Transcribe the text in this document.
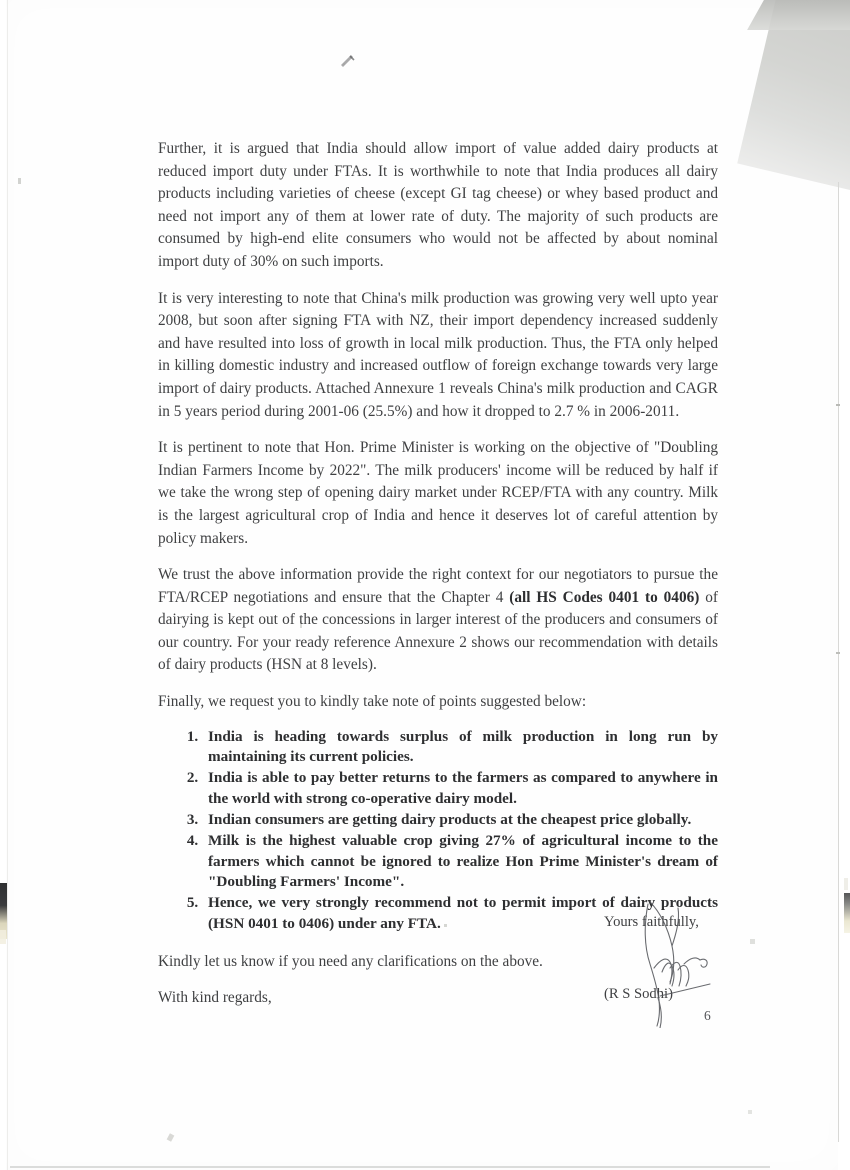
Further, it is argued that India should allow import of value added dairy products at reduced import duty under FTAs. It is worthwhile to note that India produces all dairy products including varieties of cheese (except GI tag cheese) or whey based product and need not import any of them at lower rate of duty. The majority of such products are consumed by high-end elite consumers who would not be affected by about nominal import duty of 30% on such imports.

It is very interesting to note that China's milk production was growing very well upto year 2008, but soon after signing FTA with NZ, their import dependency increased suddenly and have resulted into loss of growth in local milk production. Thus, the FTA only helped in killing domestic industry and increased outflow of foreign exchange towards very large import of dairy products. Attached Annexure 1 reveals China's milk production and CAGR in 5 years period during 2001-06 (25.5%) and how it dropped to 2.7 % in 2006-2011.

It is pertinent to note that Hon. Prime Minister is working on the objective of "Doubling Indian Farmers Income by 2022". The milk producers' income will be reduced by half if we take the wrong step of opening dairy market under RCEP/FTA with any country. Milk is the largest agricultural crop of India and hence it deserves lot of careful attention by policy makers.

We trust the above information provide the right context for our negotiators to pursue the FTA/RCEP negotiations and ensure that the Chapter 4 (all HS Codes 0401 to 0406) of dairying is kept out of the concessions in larger interest of the producers and consumers of our country. For your ready reference Annexure 2 shows our recommendation with details of dairy products (HSN at 8 levels).

Finally, we request you to kindly take note of points suggested below:

1. India is heading towards surplus of milk production in long run by maintaining its current policies.
2. India is able to pay better returns to the farmers as compared to anywhere in the world with strong co-operative dairy model.
3. Indian consumers are getting dairy products at the cheapest price globally.
4. Milk is the highest valuable crop giving 27% of agricultural income to the farmers which cannot be ignored to realize Hon Prime Minister's dream of "Doubling Farmers' Income".
5. Hence, we very strongly recommend not to permit import of dairy products (HSN 0401 to 0406) under any FTA.

Kindly let us know if you need any clarifications on the above.

With kind regards,

Yours faithfully,
(R S Sodhi)
6
